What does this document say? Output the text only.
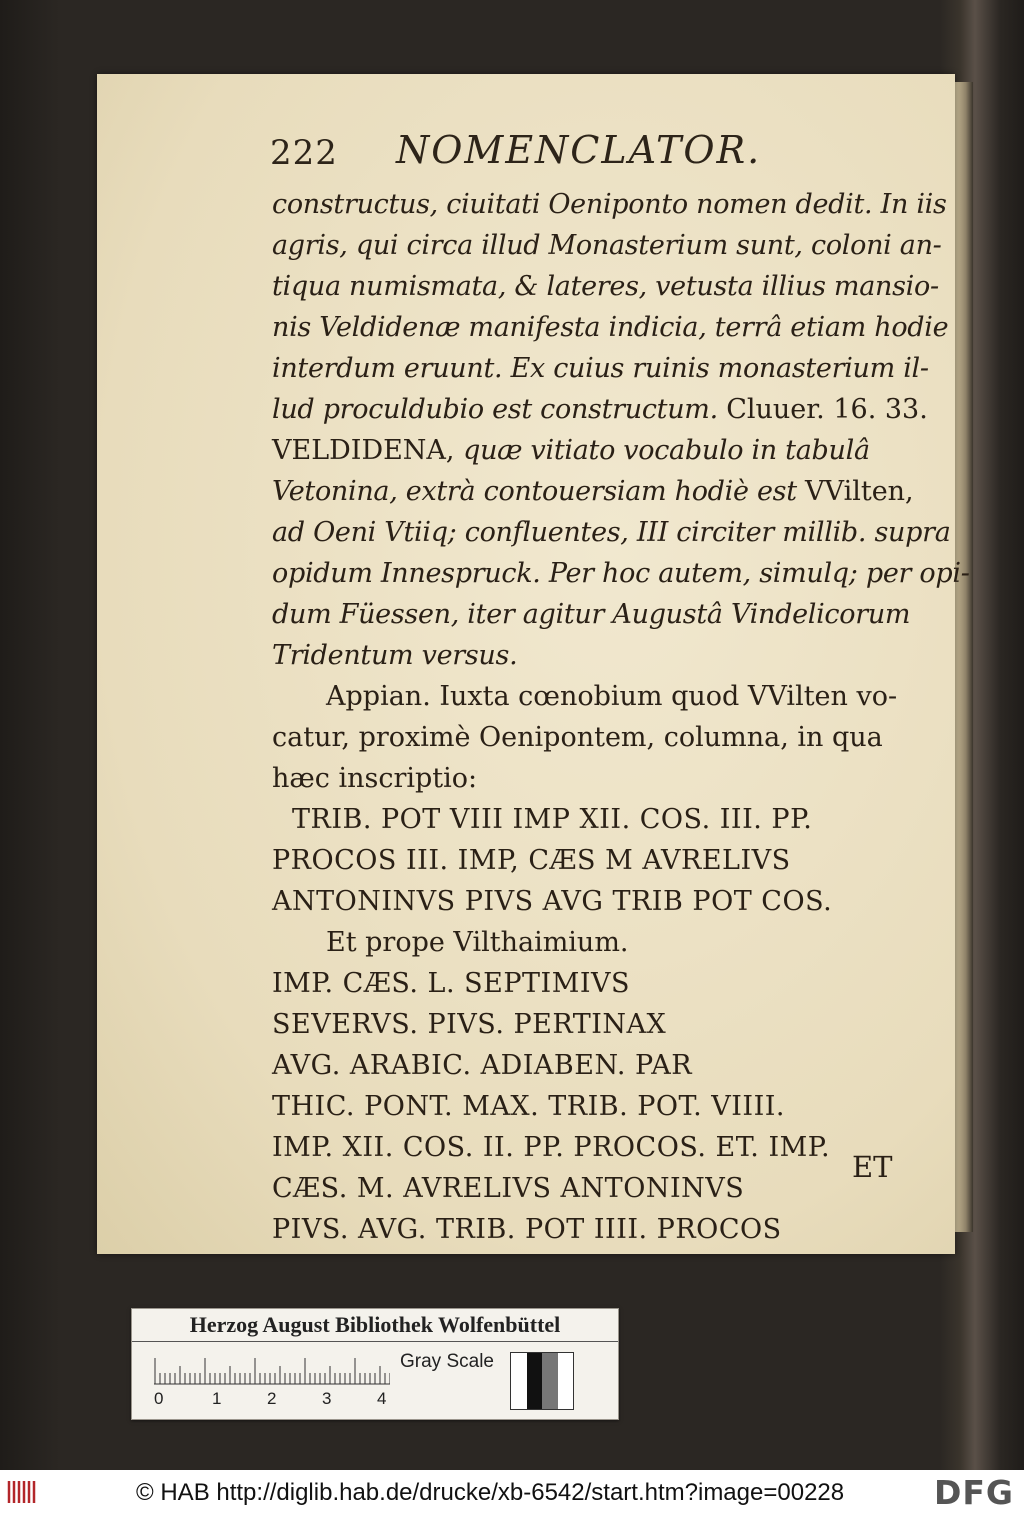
222 NOMENCLATOR.
constructus, ciuitati Oeniponto nomen dedit. In iis
agris, qui circa illud Monasterium sunt, coloni an-
tiqua numismata, & lateres, vetusta illius mansio-
nis Veldidenæ manifesta indicia, terrâ etiam hodie
interdum eruunt. Ex cuius ruinis monasterium il-
lud proculdubio est constructum. Cluuer. 16. 33.
VELDIDENA, quæ vitiato vocabulo in tabulâ
Vetonina, extrà contouersiam hodiè est VVilten,
ad Oeni Vtiiq; confluentes, III circiter millib. supra
opidum Innespruck. Per hoc autem, simulq; per opi-
dum Füessen, iter agitur Augustâ Vindelicorum
Tridentum versus.
Appian. Iuxta cœnobium quod VVilten vo-
catur, proximè Oenipontem, columna, in qua
hæc inscriptio:
TRIB. POT VIII IMP XII. COS. III. PP.
PROCOS III. IMP, CÆS M AVRELIVS
ANTONINVS PIVS AVG TRIB POT COS.
Et prope Vilthaimium.
IMP. CÆS. L. SEPTIMIVS
SEVERVS. PIVS. PERTINAX
AVG. ARABIC. ADIABEN. PAR
THIC. PONT. MAX. TRIB. POT. VIIII.
IMP. XII. COS. II. PP. PROCOS. ET. IMP.
CÆS. M. AVRELIVS ANTONINVS
PIVS. AVG. TRIB. POT IIII. PROCOS
ET
Herzog August Bibliothek Wolfenbüttel
0	1	2	3	4
Gray Scale
© HAB http://diglib.hab.de/drucke/xb-6542/start.htm?image=00228	DFG
